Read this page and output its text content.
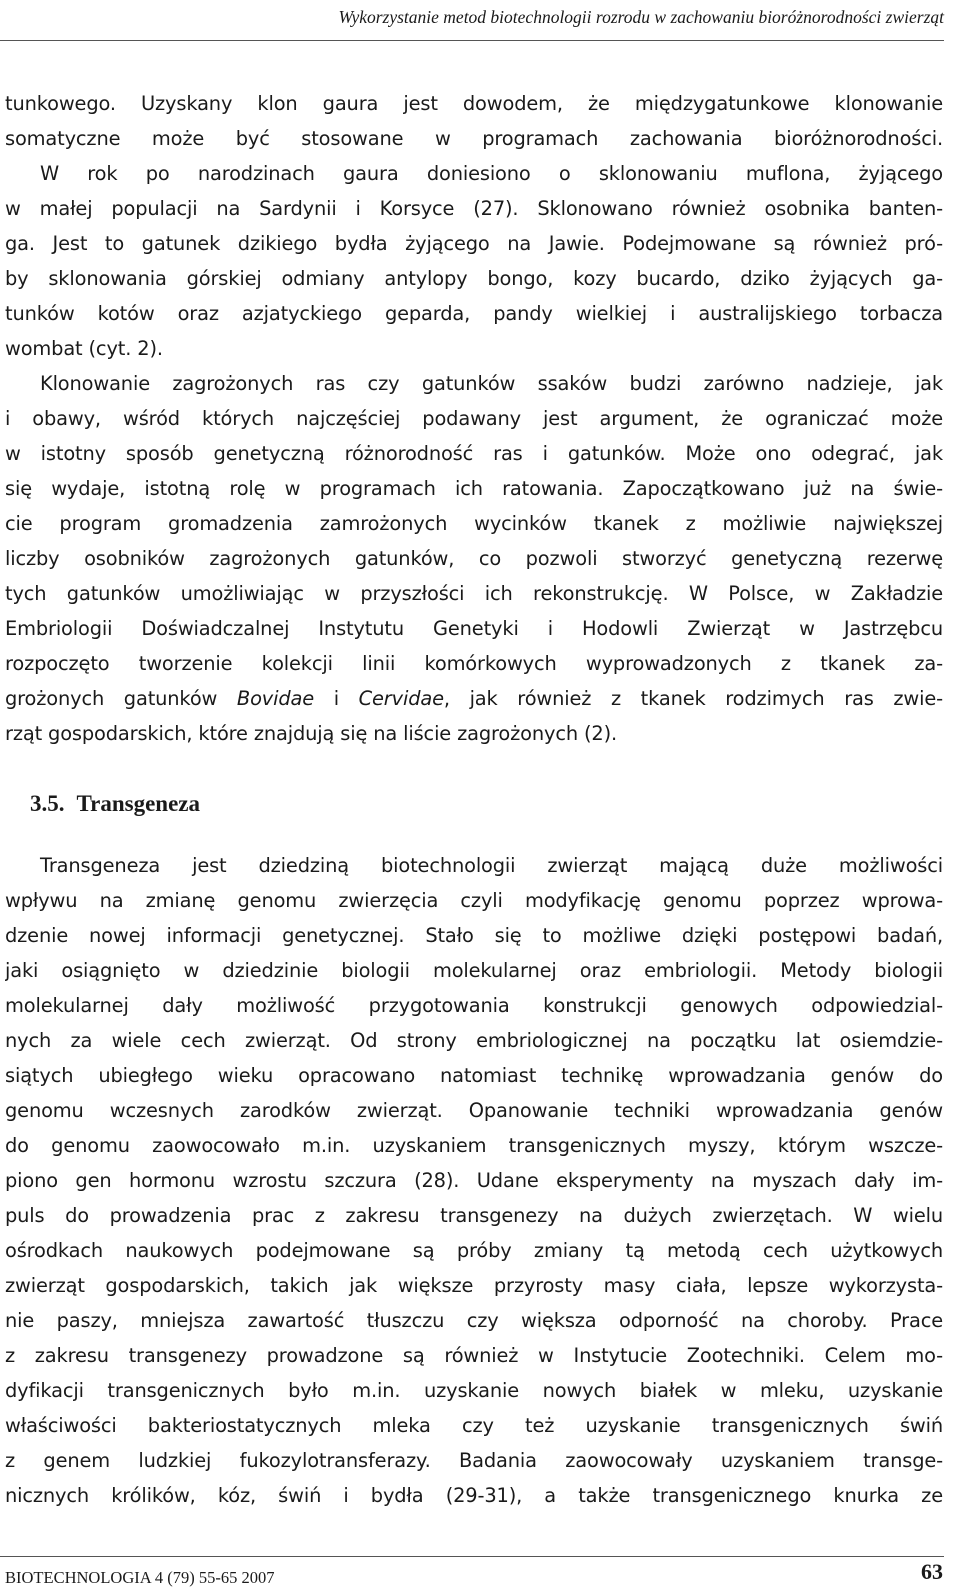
Wykorzystanie metod biotechnologii rozrodu w zachowaniu bioróżnorodności zwierząt
tunkowego. Uzyskany klon gaura jest dowodem, że międzygatunkowe klonowanie
somatyczne może być stosowane w programach zachowania bioróżnorodności.
W rok po narodzinach gaura doniesiono o sklonowaniu muflona, żyjącego
w małej populacji na Sardynii i Korsyce (27). Sklonowano również osobnika banten-
ga. Jest to gatunek dzikiego bydła żyjącego na Jawie. Podejmowane są również pró-
by sklonowania górskiej odmiany antylopy bongo, kozy bucardo, dziko żyjących ga-
tunków kotów oraz azjatyckiego geparda, pandy wielkiej i australijskiego torbacza
wombat (cyt. 2).
Klonowanie zagrożonych ras czy gatunków ssaków budzi zarówno nadzieje, jak
i obawy, wśród których najczęściej podawany jest argument, że ograniczać może
w istotny sposób genetyczną różnorodność ras i gatunków. Może ono odegrać, jak
się wydaje, istotną rolę w programach ich ratowania. Zapoczątkowano już na świe-
cie program gromadzenia zamrożonych wycinków tkanek z możliwie największej
liczby osobników zagrożonych gatunków, co pozwoli stworzyć genetyczną rezerwę
tych gatunków umożliwiając w przyszłości ich rekonstrukcję. W Polsce, w Zakładzie
Embriologii Doświadczalnej Instytutu Genetyki i Hodowli Zwierząt w Jastrzębcu
rozpoczęto tworzenie kolekcji linii komórkowych wyprowadzonych z tkanek za-
grożonych gatunków Bovidae i Cervidae, jak również z tkanek rodzimych ras zwie-
rząt gospodarskich, które znajdują się na liście zagrożonych (2).
3.5. Transgeneza
Transgeneza jest dziedziną biotechnologii zwierząt mającą duże możliwości
wpływu na zmianę genomu zwierzęcia czyli modyfikację genomu poprzez wprowa-
dzenie nowej informacji genetycznej. Stało się to możliwe dzięki postępowi badań,
jaki osiągnięto w dziedzinie biologii molekularnej oraz embriologii. Metody biologii
molekularnej dały możliwość przygotowania konstrukcji genowych odpowiedzial-
nych za wiele cech zwierząt. Od strony embriologicznej na początku lat osiemdzie-
siątych ubiegłego wieku opracowano natomiast technikę wprowadzania genów do
genomu wczesnych zarodków zwierząt. Opanowanie techniki wprowadzania genów
do genomu zaowocowało m.in. uzyskaniem transgenicznych myszy, którym wszcze-
piono gen hormonu wzrostu szczura (28). Udane eksperymenty na myszach dały im-
puls do prowadzenia prac z zakresu transgenezy na dużych zwierzętach. W wielu
ośrodkach naukowych podejmowane są próby zmiany tą metodą cech użytkowych
zwierząt gospodarskich, takich jak większe przyrosty masy ciała, lepsze wykorzysta-
nie paszy, mniejsza zawartość tłuszczu czy większa odporność na choroby. Prace
z zakresu transgenezy prowadzone są również w Instytucie Zootechniki. Celem mo-
dyfikacji transgenicznych było m.in. uzyskanie nowych białek w mleku, uzyskanie
właściwości bakteriostatycznych mleka czy też uzyskanie transgenicznych świń
z genem ludzkiej fukozylotransferazy. Badania zaowocowały uzyskaniem transge-
nicznych królików, kóz, świń i bydła (29-31), a także transgenicznego knurka ze
BIOTECHNOLOGIA 4 (79) 55-65 2007	63
